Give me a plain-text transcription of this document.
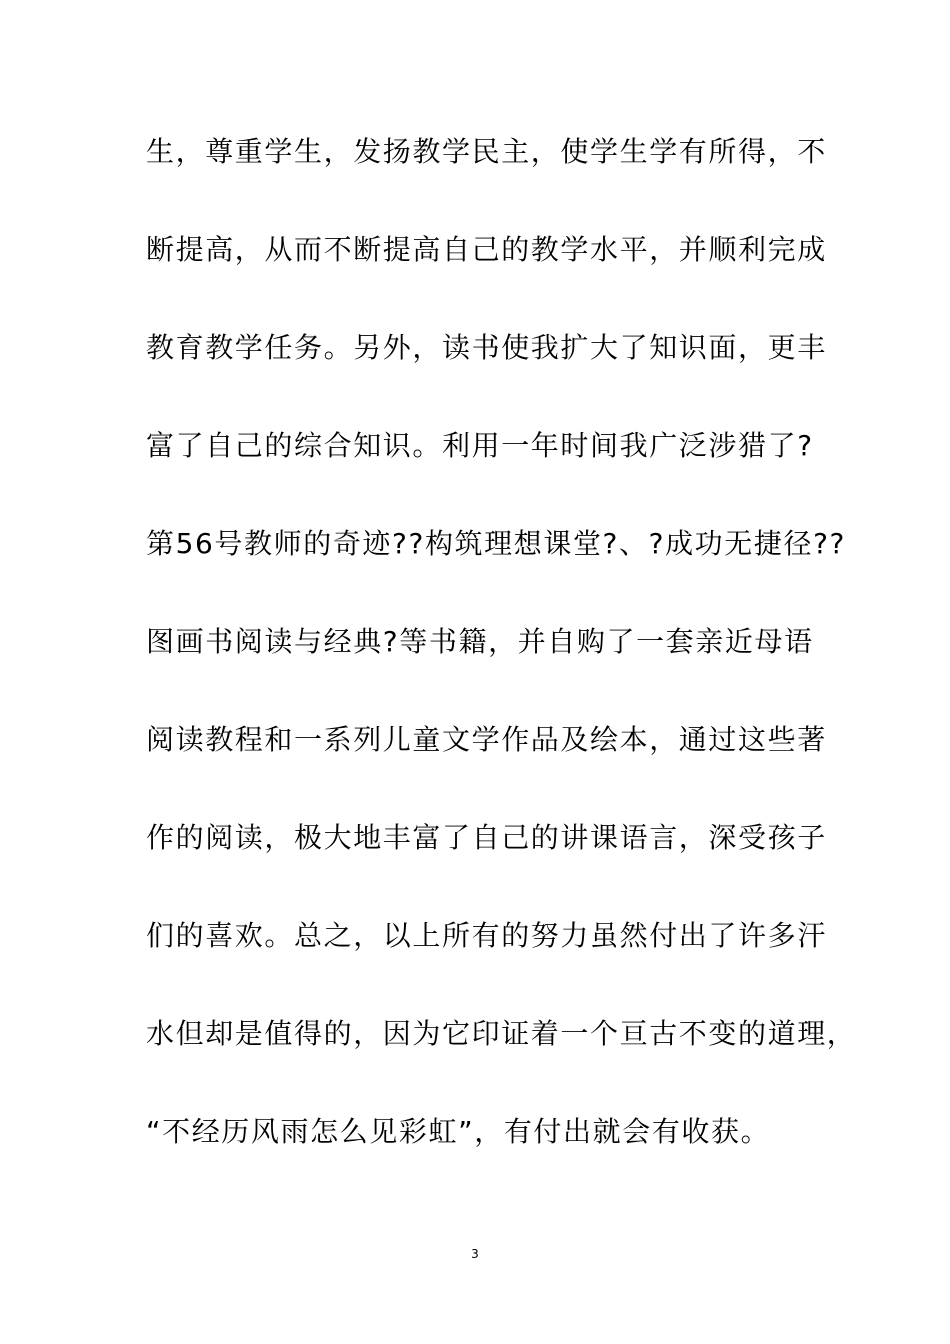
生，尊重学生，发扬教学民主，使学生学有所得，不
断提高，从而不断提高自己的教学水平，并顺利完成
教育教学任务。另外，读书使我扩大了知识面，更丰
富了自己的综合知识。利用一年时间我广泛涉猎了?
第56号教师的奇迹??构筑理想课堂?、?成功无捷径??
图画书阅读与经典?等书籍，并自购了一套亲近母语
阅读教程和一系列儿童文学作品及绘本，通过这些著
作的阅读，极大地丰富了自己的讲课语言，深受孩子
们的喜欢。总之，以上所有的努力虽然付出了许多汗
水但却是值得的，因为它印证着一个亘古不变的道理，
“不经历风雨怎么见彩虹”，有付出就会有收获。
3
